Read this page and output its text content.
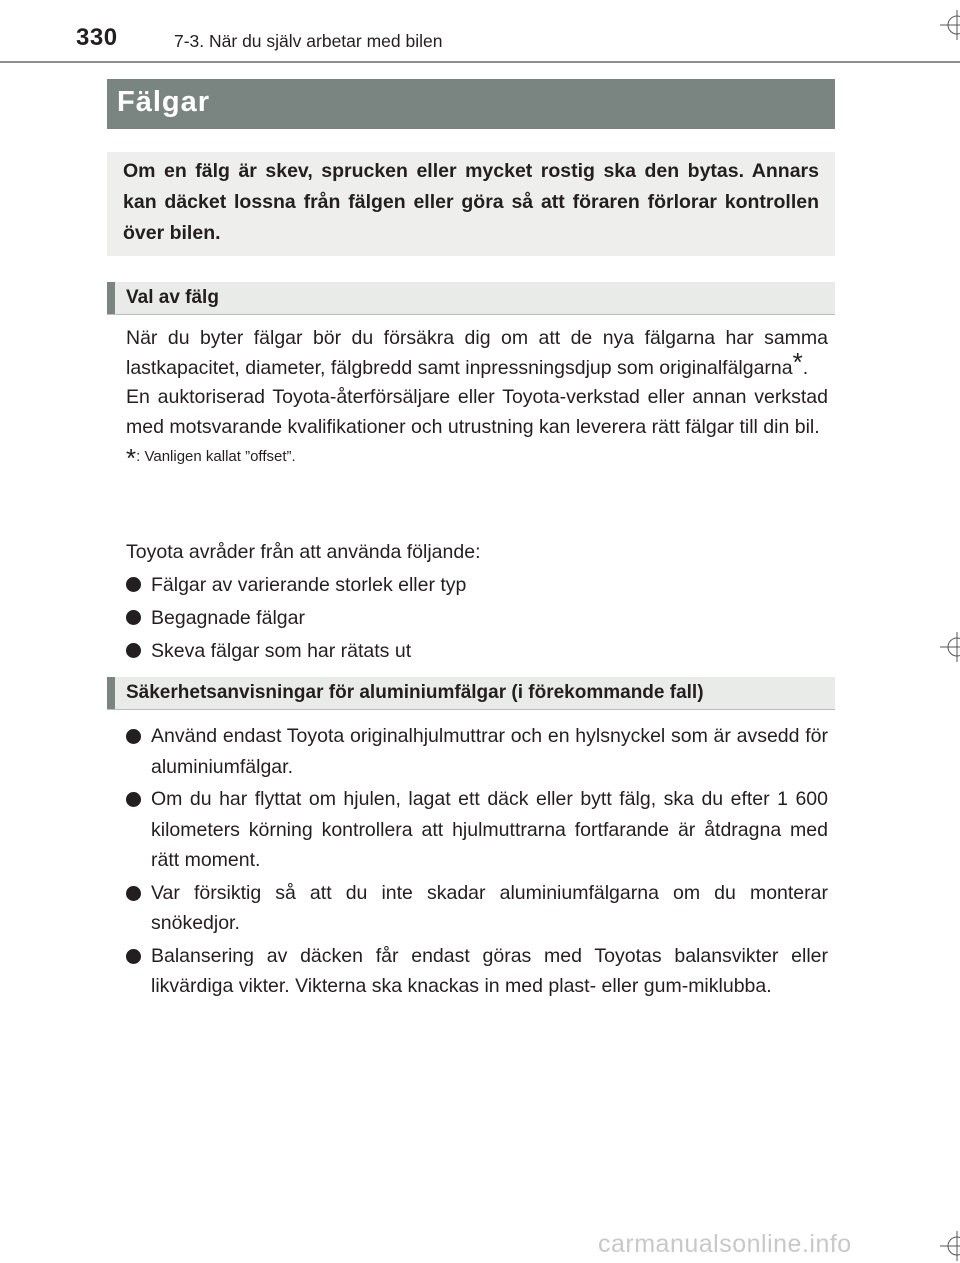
330	7-3. När du själv arbetar med bilen
Fälgar
Om en fälg är skev, sprucken eller mycket rostig ska den bytas. Annars kan däcket lossna från fälgen eller göra så att föraren förlorar kontrollen över bilen.
Val av fälg

När du byter fälgar bör du försäkra dig om att de nya fälgarna har samma lastkapacitet, diameter, fälgbredd samt inpressningsdjup som originalfälgarna*.

En auktoriserad Toyota-återförsäljare eller Toyota-verkstad eller annan verkstad med motsvarande kvalifikationer och utrustning kan leverera rätt fälgar till din bil.

*: Vanligen kallat ”offset”.

Toyota avråder från att använda följande:

Fälgar av varierande storlek eller typ
Begagnade fälgar
Skeva fälgar som har rätats ut
Säkerhetsanvisningar för aluminiumfälgar (i förekommande fall)
Använd endast Toyota originalhjulmuttrar och en hylsnyckel som är avsedd för aluminiumfälgar.
Om du har flyttat om hjulen, lagat ett däck eller bytt fälg, ska du efter 1 600 kilometers körning kontrollera att hjulmuttrarna fortfarande är åtdragna med rätt moment.
Var försiktig så att du inte skadar aluminiumfälgarna om du monterar snökedjor.
Balansering av däcken får endast göras med Toyotas balansvikter eller likvärdiga vikter. Vikterna ska knackas in med plast- eller gum-miklubba.
carmanualsonline.info
